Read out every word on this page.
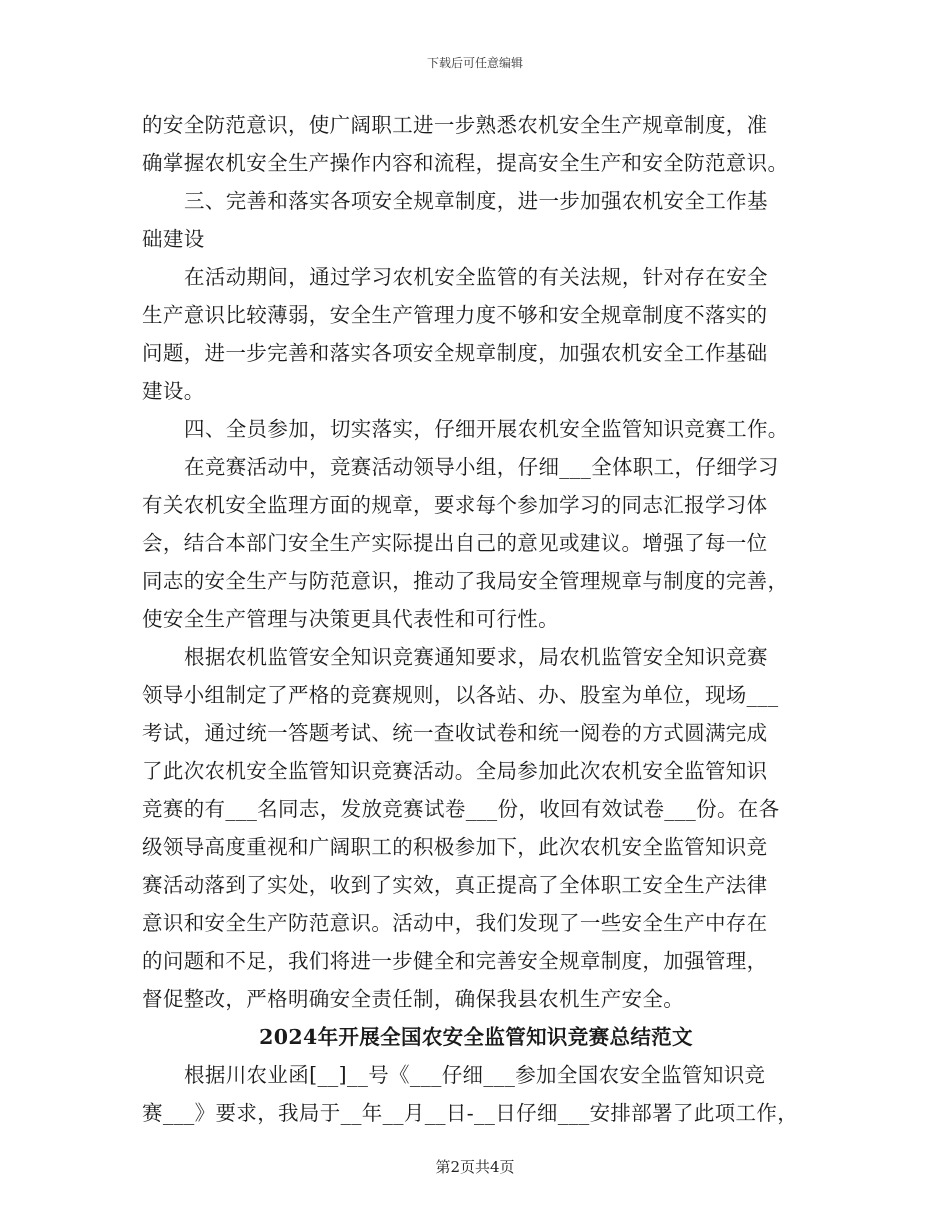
下载后可任意编辑
的安全防范意识，使广阔职工进一步熟悉农机安全生产规章制度，准
确掌握农机安全生产操作内容和流程，提高安全生产和安全防范意识。
三、完善和落实各项安全规章制度，进一步加强农机安全工作基
础建设
在活动期间，通过学习农机安全监管的有关法规，针对存在安全
生产意识比较薄弱，安全生产管理力度不够和安全规章制度不落实的
问题，进一步完善和落实各项安全规章制度，加强农机安全工作基础
建设。
四、全员参加，切实落实，仔细开展农机安全监管知识竞赛工作。
在竞赛活动中，竞赛活动领导小组，仔细___全体职工，仔细学习
有关农机安全监理方面的规章，要求每个参加学习的同志汇报学习体
会，结合本部门安全生产实际提出自己的意见或建议。增强了每一位
同志的安全生产与防范意识，推动了我局安全管理规章与制度的完善，
使安全生产管理与决策更具代表性和可行性。
根据农机监管安全知识竞赛通知要求，局农机监管安全知识竞赛
领导小组制定了严格的竞赛规则，以各站、办、股室为单位，现场___
考试，通过统一答题考试、统一查收试卷和统一阅卷的方式圆满完成
了此次农机安全监管知识竞赛活动。全局参加此次农机安全监管知识
竞赛的有___名同志，发放竞赛试卷___份，收回有效试卷___份。在各
级领导高度重视和广阔职工的积极参加下，此次农机安全监管知识竞
赛活动落到了实处，收到了实效，真正提高了全体职工安全生产法律
意识和安全生产防范意识。活动中，我们发现了一些安全生产中存在
的问题和不足，我们将进一步健全和完善安全规章制度，加强管理，
督促整改，严格明确安全责任制，确保我县农机生产安全。
2024年开展全国农安全监管知识竞赛总结范文
根据川农业函[__]__号《___仔细___参加全国农安全监管知识竞
赛___》要求，我局于__年__月__日-__日仔细___安排部署了此项工作，
第2页共4页
